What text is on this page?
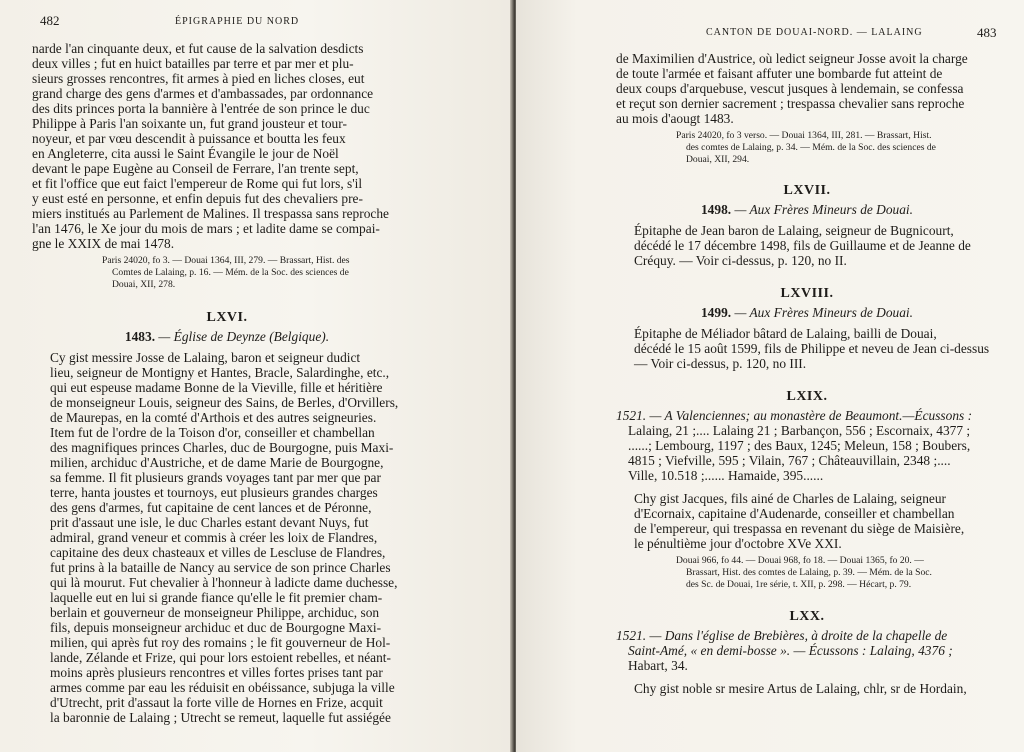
482	ÉPIGRAPHIE DU NORD

narde l'an cinquante deux, et fut cause de la salvation desdicts
deux villes ; fut en huict batailles par terre et par mer et plu-
sieurs grosses rencontres, fit armes à pied en liches closes, eut
grand charge des gens d'armes et d'ambassades, par ordonnance
des dits princes porta la bannière à l'entrée de son prince le duc
Philippe à Paris l'an soixante un, fut grand jousteur et tour-
noyeur, et par vœu descendit à puissance et boutta les feux
en Angleterre, cita aussi le Saint Évangile le jour de Noël
devant le pape Eugène au Conseil de Ferrare, l'an trente sept,
et fit l'office que eut faict l'empereur de Rome qui fut lors, s'il
y eust esté en personne, et enfin depuis fut des chevaliers pre-
miers institués au Parlement de Malines. Il trespassa sans reproche
l'an 1476, le Xe jour du mois de mars ; et ladite dame se compai-
gne le XXIX de mai 1478.

Paris 24020, fo 3. — Douai 1364, III, 279. — Brassart, Hist. des
Comtes de Lalaing, p. 16. — Mém. de la Soc. des sciences de
Douai, XII, 278.
LXVI.
1483. — Église de Deynze (Belgique).

Cy gist messire Josse de Lalaing, baron et seigneur dudict
lieu, seigneur de Montigny et Hantes, Bracle, Salardinghe, etc.,
qui eut espeuse madame Bonne de la Vieville, fille et héritière
de monseigneur Louis, seigneur des Sains, de Berles, d'Orvillers,
de Maurepas, en la comté d'Arthois et des autres seigneuries.
Item fut de l'ordre de la Toison d'or, conseiller et chambellan
des magnifiques princes Charles, duc de Bourgogne, puis Maxi-
milien, archiduc d'Austriche, et de dame Marie de Bourgogne,
sa femme. Il fit plusieurs grands voyages tant par mer que par
terre, hanta joustes et tournoys, eut plusieurs grandes charges
des gens d'armes, fut capitaine de cent lances et de Péronne,
prit d'assaut une isle, le duc Charles estant devant Nuys, fut
admiral, grand veneur et commis à créer les loix de Flandres,
capitaine des deux chasteaux et villes de Lescluse de Flandres,
fut prins à la bataille de Nancy au service de son prince Charles
qui là mourut. Fut chevalier à l'honneur à ladicte dame duchesse,
laquelle eut en lui si grande fiance qu'elle le fit premier cham-
berlain et gouverneur de monseigneur Philippe, archiduc, son
fils, depuis monseigneur archiduc et duc de Bourgogne Maxi-
milien, qui après fut roy des romains ; le fit gouverneur de Hol-
lande, Zélande et Frize, qui pour lors estoient rebelles, et néant-
moins après plusieurs rencontres et villes fortes prises tant par
armes comme par eau les réduisit en obéissance, subjuga la ville
d'Utrecht, prit d'assaut la forte ville de Hornes en Frize, acquit
la baronnie de Lalaing ; Utrecht se remeut, laquelle fut assiégée

CANTON DE DOUAI-NORD. — LALAING	483

de Maximilien d'Austrice, où ledict seigneur Josse avoit la charge
de toute l'armée et faisant affuter une bombarde fut atteint de
deux coups d'arquebuse, vescut jusques à lendemain, se confessa
et reçut son dernier sacrement ; trespassa chevalier sans reproche
au mois d'aougt 1483.

Paris 24020, fo 3 verso. — Douai 1364, III, 281. — Brassart, Hist.
des comtes de Lalaing, p. 34. — Mém. de la Soc. des sciences de
Douai, XII, 294.
LXVII.
1498. — Aux Frères Mineurs de Douai.

Épitaphe de Jean baron de Lalaing, seigneur de Bugnicourt,
décédé le 17 décembre 1498, fils de Guillaume et de Jeanne de
Créquy. — Voir ci-dessus, p. 120, no II.

LXVIII.
1499. — Aux Frères Mineurs de Douai.

Épitaphe de Méliador bâtard de Lalaing, bailli de Douai,
décédé le 15 août 1599, fils de Philippe et neveu de Jean ci-dessus
— Voir ci-dessus, p. 120, no III.

LXIX.

1521. — A Valenciennes; au monastère de Beaumont.—Écussons :
Lalaing, 21 ;.... Lalaing 21 ; Barbançon, 556 ; Escornaix, 4377 ;
......; Lembourg, 1197 ; des Baux, 1245; Meleun, 158 ; Boubers,
4815 ; Viefville, 595 ; Vilain, 767 ; Châteauvillain, 2348 ;....
Ville, 10.518 ;...... Hamaide, 395......

Chy gist Jacques, fils ainé de Charles de Lalaing, seigneur
d'Ecornaix, capitaine d'Audenarde, conseiller et chambellan
de l'empereur, qui trespassa en revenant du siège de Maisière,
le pénultième jour d'octobre XVe XXI.

Douai 966, fo 44. — Douai 968, fo 18. — Douai 1365, fo 20. —
Brassart, Hist. des comtes de Lalaing, p. 39. — Mém. de la Soc.
des Sc. de Douai, 1re série, t. XII, p. 298. — Hécart, p. 79.
LXX.

1521. — Dans l'église de Brebières, à droite de la chapelle de
Saint-Amé, « en demi-bosse ». — Écussons : Lalaing, 4376 ;
Habart, 34.

Chy gist noble sr mesire Artus de Lalaing, chlr, sr de Hordain,
